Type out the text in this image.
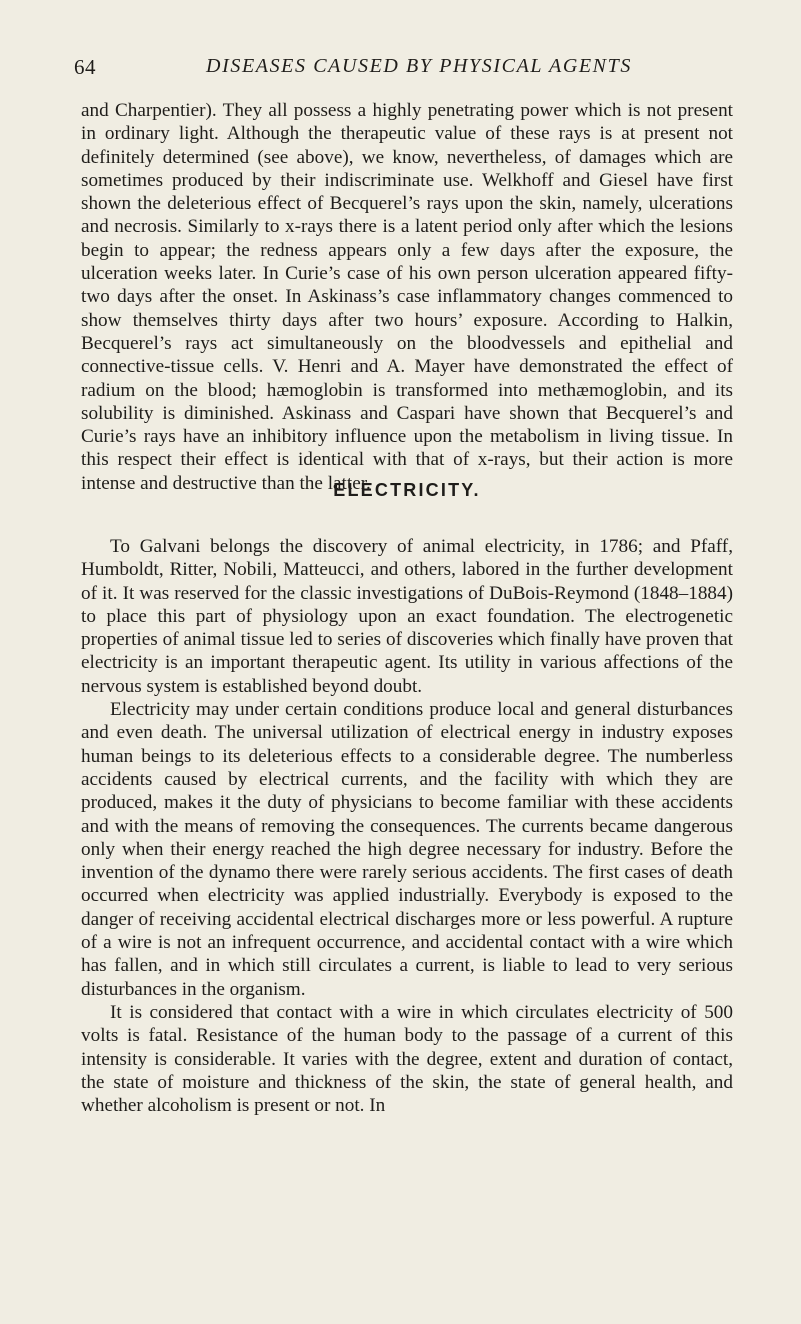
64	DISEASES CAUSED BY PHYSICAL AGENTS

and Charpentier). They all possess a highly penetrating power which is not present in ordinary light. Although the therapeutic value of these rays is at present not definitely determined (see above), we know, nevertheless, of damages which are sometimes produced by their indiscriminate use. Welkhoff and Giesel have first shown the deleterious effect of Becquerel’s rays upon the skin, namely, ulcerations and necrosis. Similarly to x-rays there is a latent period only after which the lesions begin to appear; the redness appears only a few days after the exposure, the ulceration weeks later. In Curie’s case of his own person ulceration appeared fifty-two days after the onset. In Askinass’s case inflammatory changes commenced to show themselves thirty days after two hours’ exposure. According to Halkin, Becquerel’s rays act simultaneously on the bloodvessels and epithelial and connective-tissue cells. V. Henri and A. Mayer have demonstrated the effect of radium on the blood; hæmoglobin is transformed into methæmoglobin, and its solubility is diminished. Askinass and Caspari have shown that Becquerel’s and Curie’s rays have an inhibitory influence upon the metabolism in living tissue. In this respect their effect is identical with that of x-rays, but their action is more intense and destructive than the latter.

ELECTRICITY.

To Galvani belongs the discovery of animal electricity, in 1786; and Pfaff, Humboldt, Ritter, Nobili, Matteucci, and others, labored in the further development of it. It was reserved for the classic investigations of DuBois-Reymond (1848–1884) to place this part of physiology upon an exact foundation. The electrogenetic properties of animal tissue led to series of discoveries which finally have proven that electricity is an important therapeutic agent. Its utility in various affections of the nervous system is established beyond doubt.

Electricity may under certain conditions produce local and general disturbances and even death. The universal utilization of electrical energy in industry exposes human beings to its deleterious effects to a considerable degree. The numberless accidents caused by electrical currents, and the facility with which they are produced, makes it the duty of physicians to become familiar with these accidents and with the means of removing the consequences. The currents became dangerous only when their energy reached the high degree necessary for industry. Before the invention of the dynamo there were rarely serious accidents. The first cases of death occurred when electricity was applied industrially. Everybody is exposed to the danger of receiving accidental electrical discharges more or less powerful. A rupture of a wire is not an infrequent occurrence, and accidental contact with a wire which has fallen, and in which still circulates a current, is liable to lead to very serious disturbances in the organism.

It is considered that contact with a wire in which circulates electricity of 500 volts is fatal. Resistance of the human body to the passage of a current of this intensity is considerable. It varies with the degree, extent and duration of contact, the state of moisture and thickness of the skin, the state of general health, and whether alcoholism is present or not. In
